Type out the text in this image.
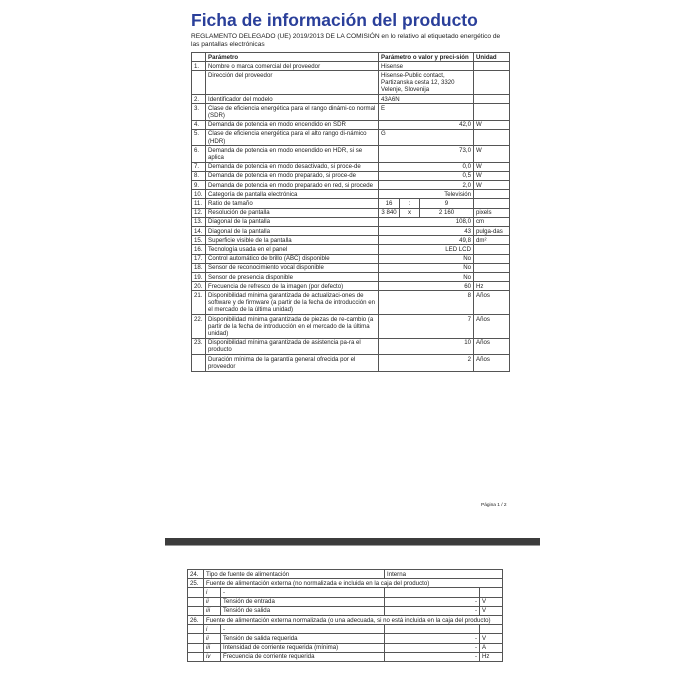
Ficha de información del producto
REGLAMENTO DELEGADO (UE) 2019/2013 DE LA COMISIÓN en lo relativo al etiquetado energético de las pantallas electrónicas
	Parámetro	Parámetro o valor y preci-sión			Unidad
1.	Nombre o marca comercial del proveedor	Hisense			
	Dirección del proveedor	Hisense-Public contact, Partizanska cesta 12, 3320 Velenje, Slovenija			
2.	Identificador del modelo	43A6N			
3.	Clase de eficiencia energética para el rango dinámi-co normal (SDR)	E			
4.	Demanda de potencia en modo encendido en SDR	42,0			W
5.	Clase de eficiencia energética para el alto rango di-námico (HDR)	G			
6.	Demanda de potencia en modo encendido en HDR, si se aplica	73,0			W
7.	Demanda de potencia en modo desactivado, si proce-de	0,0			W
8.	Demanda de potencia en modo preparado, si proce-de	0,5			W
9.	Demanda de potencia en modo preparado en red, si procede	2,0			W
10.	Categoría de pantalla electrónica	Televisión			
11.	Ratio de tamaño	16	:	9	
12.	Resolución de pantalla	3 840	x	2 160	pixels
13.	Diagonal de la pantalla	108,0			cm
14.	Diagonal de la pantalla	43			pulga-das
15.	Superficie visible de la pantalla	49,8			dm²
16.	Tecnología usada en el panel	LED LCD			
17.	Control automático de brillo (ABC) disponible	No			
18.	Sensor de reconocimiento vocal disponible	No			
19.	Sensor de presencia disponible	No			
20.	Frecuencia de refresco de la imagen (por defecto)	60			Hz
21.	Disponibilidad mínima garantizada de actualizaci-ones de software y de firmware (a partir de la fecha de introducción en el mercado de la última unidad)	8			Años
22.	Disponibilidad mínima garantizada de piezas de re-cambio (a partir de la fecha de introducción en el mercado de la última unidad)	7			Años
23.	Disponibilidad mínima garantizada de asistencia pa-ra el producto	10			Años
	Duración mínima de la garantía general ofrecida por el proveedor	2			Años
Página 1 / 2
24.	Tipo de fuente de alimentación		Interna	
25.	Fuente de alimentación externa (no normalizada e incluida en la caja del producto)			
	i	-		
	ii	Tensión de entrada	-	V
	iii	Tensión de salida	-	V
26.	Fuente de alimentación externa normalizada (o una adecuada, si no está incluida en la caja del producto)			
	i	-		
	ii	Tensión de salida requerida	-	V
	iii	Intensidad de corriente requerida (mínima)	-	A
	iv	Frecuencia de corriente requerida	-	Hz
